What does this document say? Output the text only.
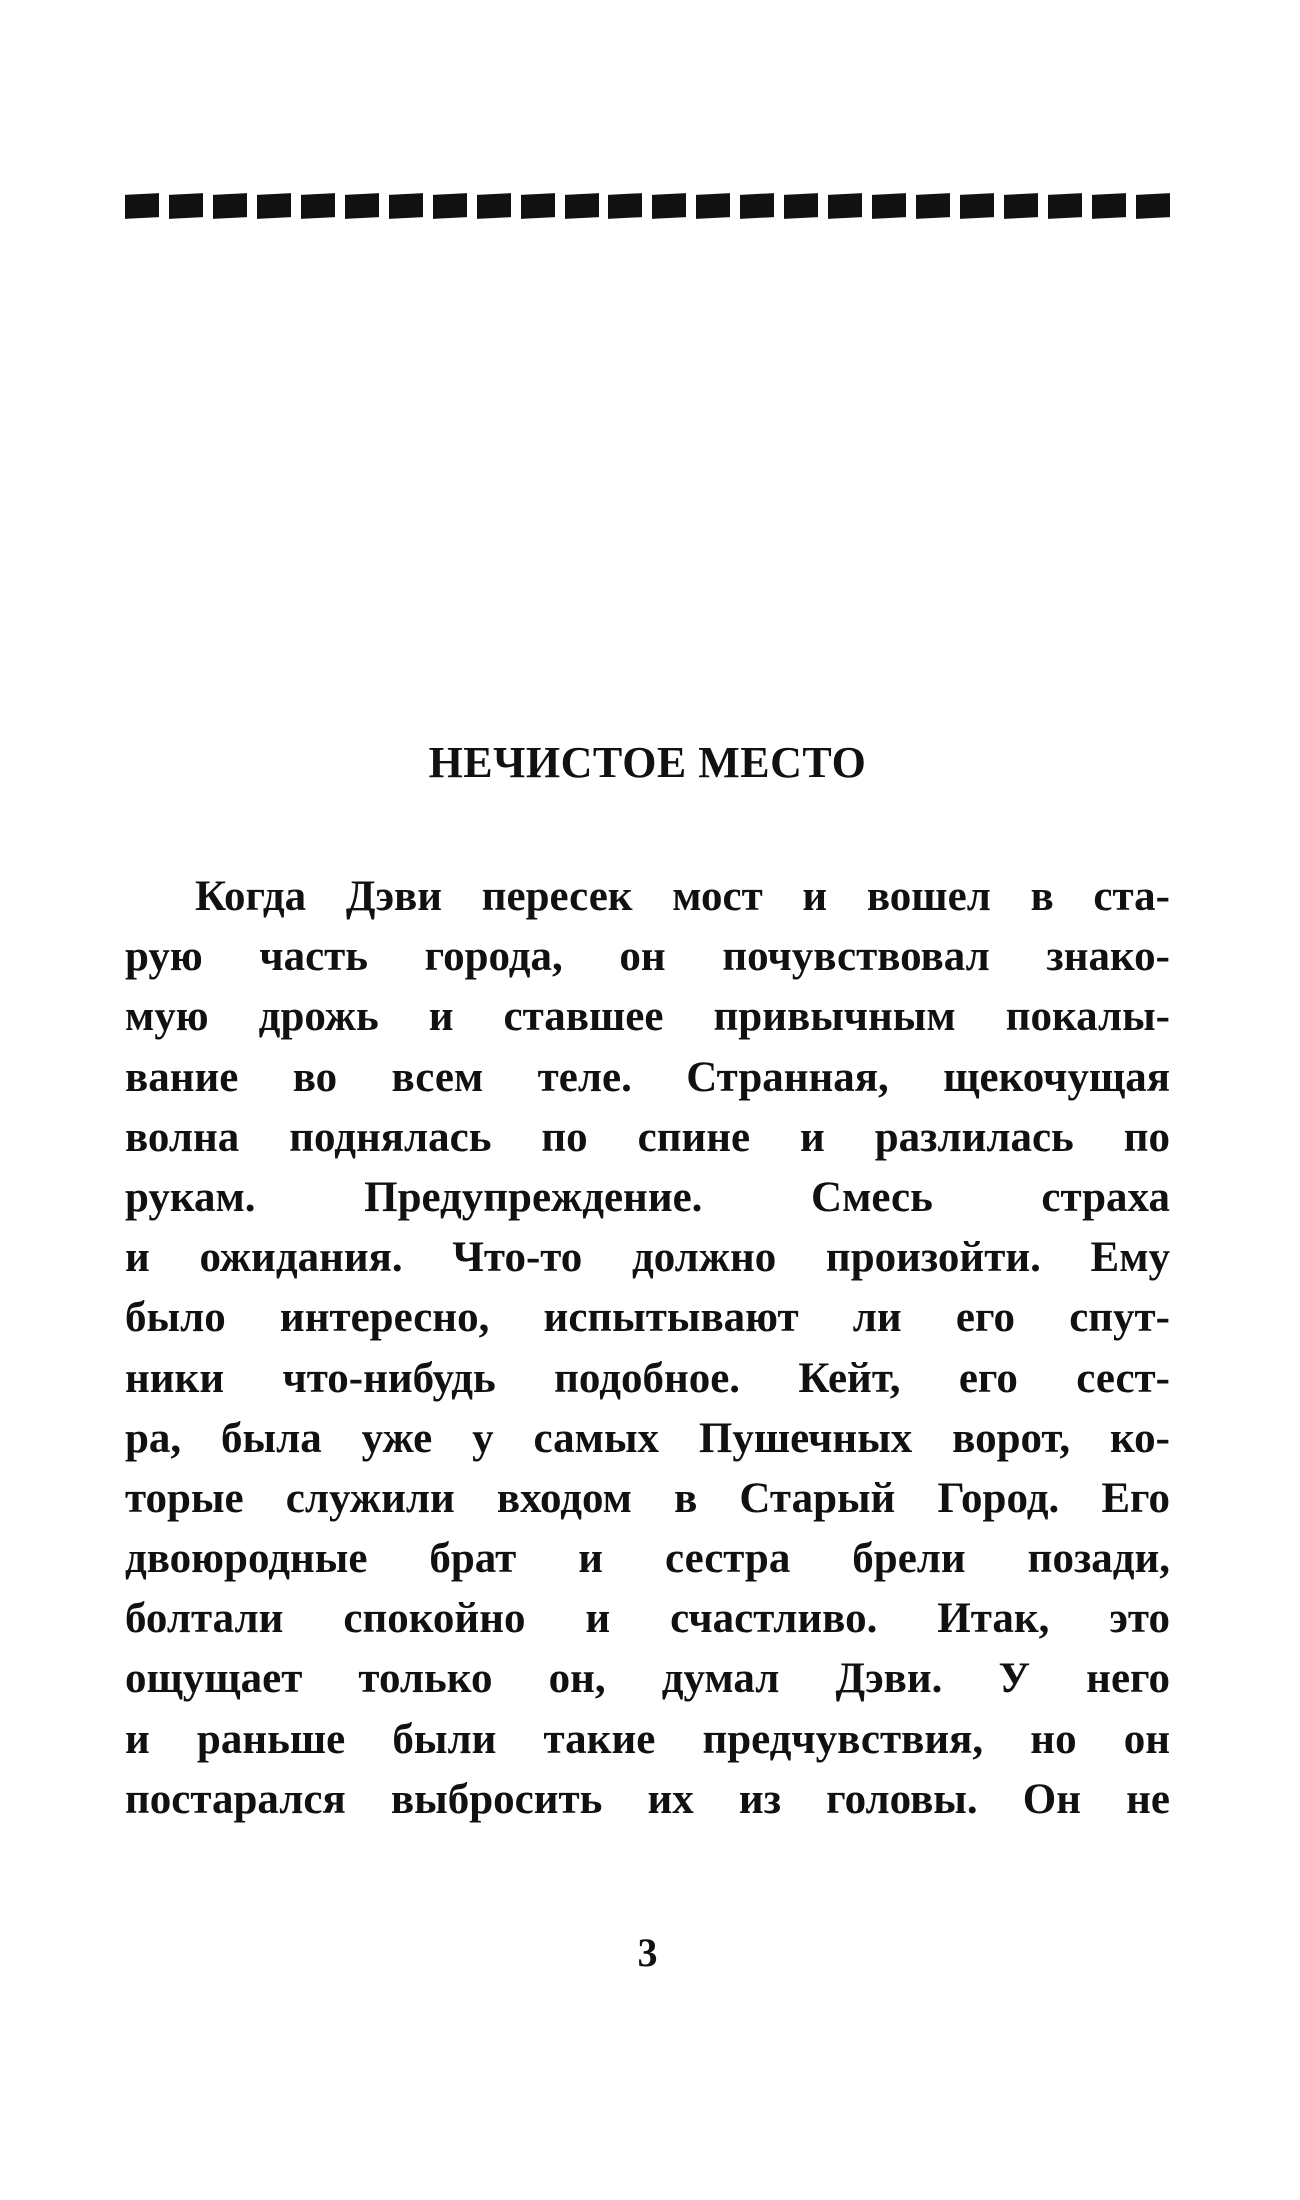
НЕЧИСТОЕ МЕСТО
Когда Дэви пересек мост и вошел в ста-
рую часть города, он почувствовал знако-
мую дрожь и ставшее привычным покалы-
вание во всем теле. Странная, щекочущая
волна поднялась по спине и разлилась по
рукам. Предупреждение. Смесь страха
и ожидания. Что-то должно произойти. Ему
было интересно, испытывают ли его спут-
ники что-нибудь подобное. Кейт, его сест-
ра, была уже у самых Пушечных ворот, ко-
торые служили входом в Старый Город. Его
двоюродные брат и сестра брели позади,
болтали спокойно и счастливо. Итак, это
ощущает только он, думал Дэви. У него
и раньше были такие предчувствия, но он
постарался выбросить их из головы. Он не
3
